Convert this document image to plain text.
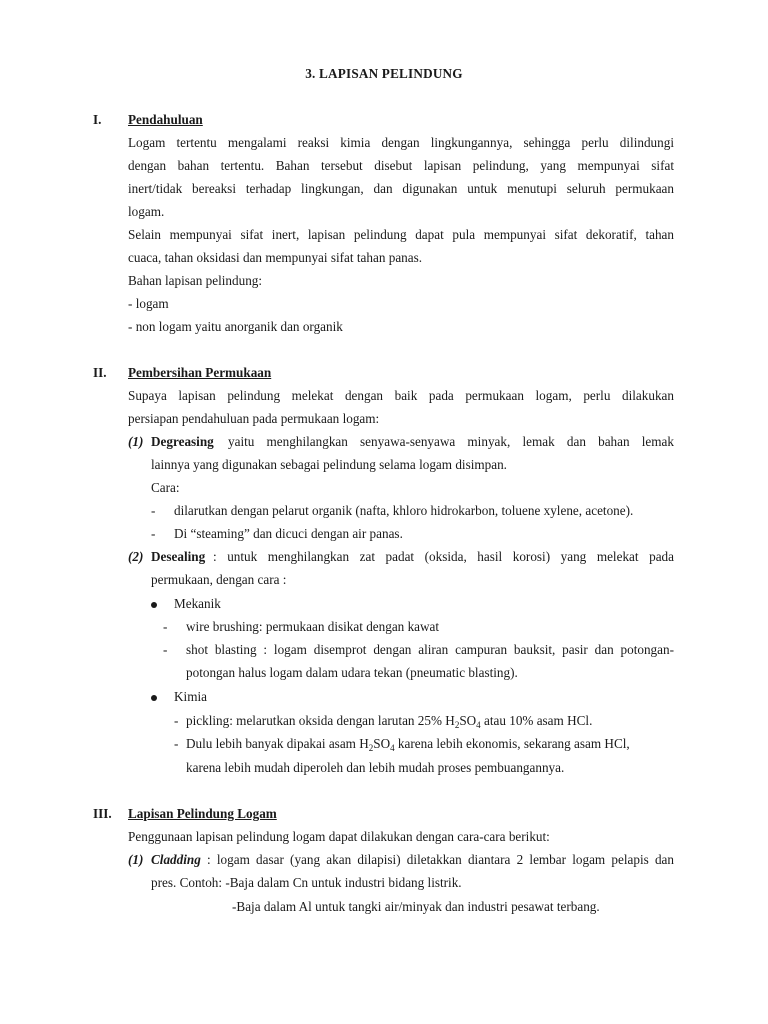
3. LAPISAN PELINDUNG
I. Pendahuluan
Logam tertentu mengalami reaksi kimia dengan lingkungannya, sehingga perlu dilindungi
dengan bahan tertentu. Bahan tersebut disebut lapisan pelindung, yang mempunyai sifat
inert/tidak bereaksi terhadap lingkungan, dan digunakan untuk menutupi seluruh permukaan
logam.
Selain mempunyai sifat inert, lapisan pelindung dapat pula mempunyai sifat dekoratif, tahan
cuaca, tahan oksidasi dan mempunyai sifat tahan panas.
Bahan lapisan pelindung:
- logam
- non logam yaitu anorganik dan organik
II. Pembersihan Permukaan
Supaya lapisan pelindung melekat dengan baik pada permukaan logam, perlu dilakukan
persiapan pendahuluan pada permukaan logam:
(1) Degreasing yaitu menghilangkan senyawa-senyawa minyak, lemak dan bahan lemak
lainnya yang digunakan sebagai pelindung selama logam disimpan.
Cara:
- dilarutkan dengan pelarut organik (nafta, khloro hidrokarbon, toluene xylene, acetone).
- Di “steaming” dan dicuci dengan air panas.
(2) Desealing : untuk menghilangkan zat padat (oksida, hasil korosi) yang melekat pada
permukaan, dengan cara :
Mekanik
- wire brushing: permukaan disikat dengan kawat
- shot blasting : logam disemprot dengan aliran campuran bauksit, pasir dan potongan-
potongan halus logam dalam udara tekan (pneumatic blasting).
Kimia
- pickling: melarutkan oksida dengan larutan 25% $H_2SO_4$ atau 10% asam HCl.
- Dulu lebih banyak dipakai asam $H_2SO_4$ karena lebih ekonomis, sekarang asam HCl,
karena lebih mudah diperoleh dan lebih mudah proses pembuangannya.
III. Lapisan Pelindung Logam
Penggunaan lapisan pelindung logam dapat dilakukan dengan cara-cara berikut:
(1) Cladding : logam dasar (yang akan dilapisi) diletakkan diantara 2 lembar logam pelapis dan
pres. Contoh: -Baja dalam Cn untuk industri bidang listrik.
-Baja dalam Al untuk tangki air/minyak dan industri pesawat terbang.
